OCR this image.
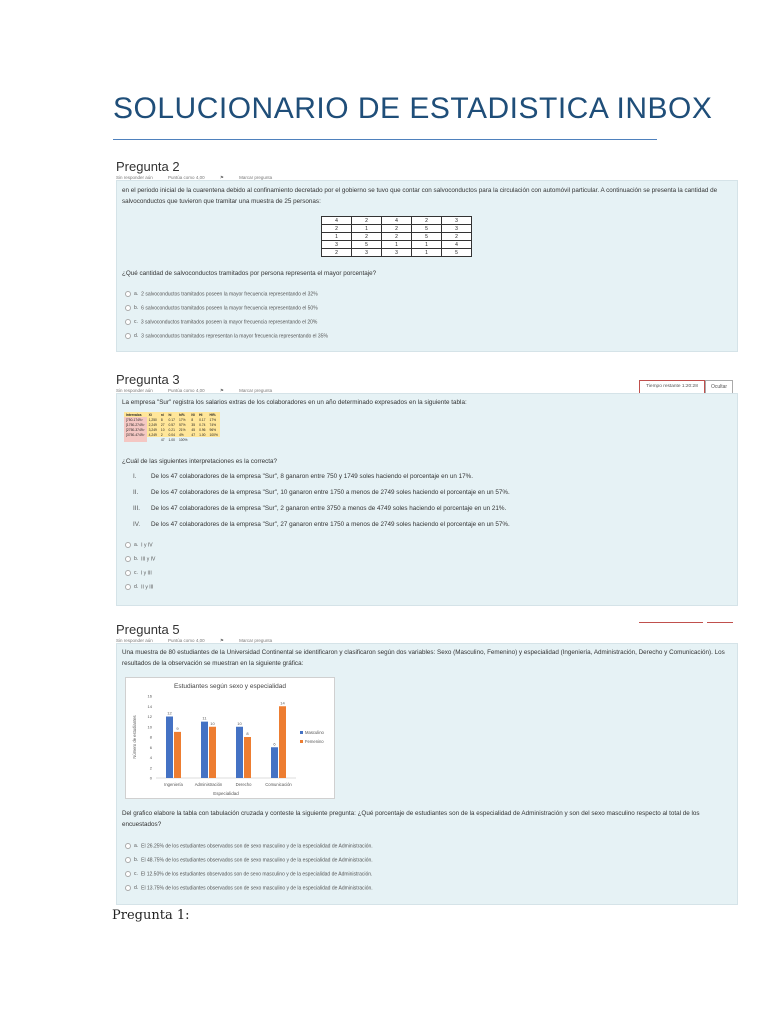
SOLUCIONARIO DE ESTADISTICA INBOX
Pregunta 2
Sin responder aún	Puntúa como 4,00	⚑	Marcar pregunta
en el periodo inicial de la cuarentena debido al confinamiento decretado por el gobierno se tuvo que contar con salvoconductos para la circulación con automóvil particular. A continuación se presenta la cantidad de salvoconductos que tuvieron que tramitar una muestra de 25 personas:
4	2	4	2	3
2	1	2	5	3
1	2	2	5	2
3	5	1	1	4
2	3	3	1	5
¿Qué cantidad de salvoconductos tramitados por persona representa el mayor porcentaje?
a. 2 salvoconductos tramitados poseen la mayor frecuencia representando el 32%
b. 6 salvoconductos tramitados poseen la mayor frecuencia representando el 50%
c. 3 salvoconductos tramitados poseen la mayor frecuencia representando el 20%
d. 3 salvoconductos tramitados representan la mayor frecuencia representando el 35%
Pregunta 3
Sin responder aún	Puntúa como 4,00	⚑	Marcar pregunta
Tiempo restante 1:20:28	Ocultar
La empresa "Sur" registra los salarios extras de los colaboradores en un año determinado expresados en la siguiente tabla:
Intervalos	Xi	ni	hi	hi%	Ni	Hi	Hi%
[750-1749>	1,250	8	0.17	17%	8	0.17	17%
[1750-2749>	2,249	27	0.57	57%	35	0.74	74%
[2750-3749>	3,249	10	0.21	21%	45	0.96	96%
[3750-4749>	4,249	2	0.04	4%	47	1.00	100%
		47	1.00	100%			
¿Cuál de las siguientes interpretaciones es la correcta?
I. De los 47 colaboradores de la empresa "Sur", 8 ganaron entre 750 y 1749 soles haciendo el porcentaje en un 17%.
II. De los 47 colaboradores de la empresa "Sur", 10 ganaron entre 1750 a menos de 2749 soles haciendo el porcentaje en un 57%.
III. De los 47 colaboradores de la empresa "Sur", 2 ganaron entre 3750 a menos de 4749 soles haciendo el porcentaje en un 21%.
IV. De los 47 colaboradores de la empresa "Sur", 27 ganaron entre 1750 a menos de 2749 soles haciendo el porcentaje en un 57%.
a. I y IV
b. III y IV
c. I y III
d. II y III
Pregunta 5
Sin responder aún	Puntúa como 4,00	⚑	Marcar pregunta
Una muestra de 80 estudiantes de la Universidad Continental se identificaron y clasificaron según dos variables: Sexo (Masculino, Femenino) y especialidad (Ingeniería, Administración, Derecho y Comunicación). Los resultados de la observación se muestran en la siguiente gráfica:
Estudiantes según sexo y especialidad
0
2
4
6
8
10
12
14
16
Número de estudiantes
Especialidad
Ingeniería
12
9
Administración
11
10
Derecho
10
8
Comunicación
6
14
Masculino
Femenino
Del grafico elabore la tabla con tabulación cruzada y conteste la siguiente pregunta: ¿Qué porcentaje de estudiantes son de la especialidad de Administración y son del sexo masculino respecto al total de los encuestados?
a. El 26.25% de los estudiantes observados son de sexo masculino y de la especialidad de Administración.
b. El 48.75% de los estudiantes observados son de sexo masculino y de la especialidad de Administración.
c. El 12.50% de los estudiantes observados son de sexo masculino y de la especialidad de Administración.
d. El 13.75% de los estudiantes observados son de sexo masculino y de la especialidad de Administración.
Pregunta 1:
